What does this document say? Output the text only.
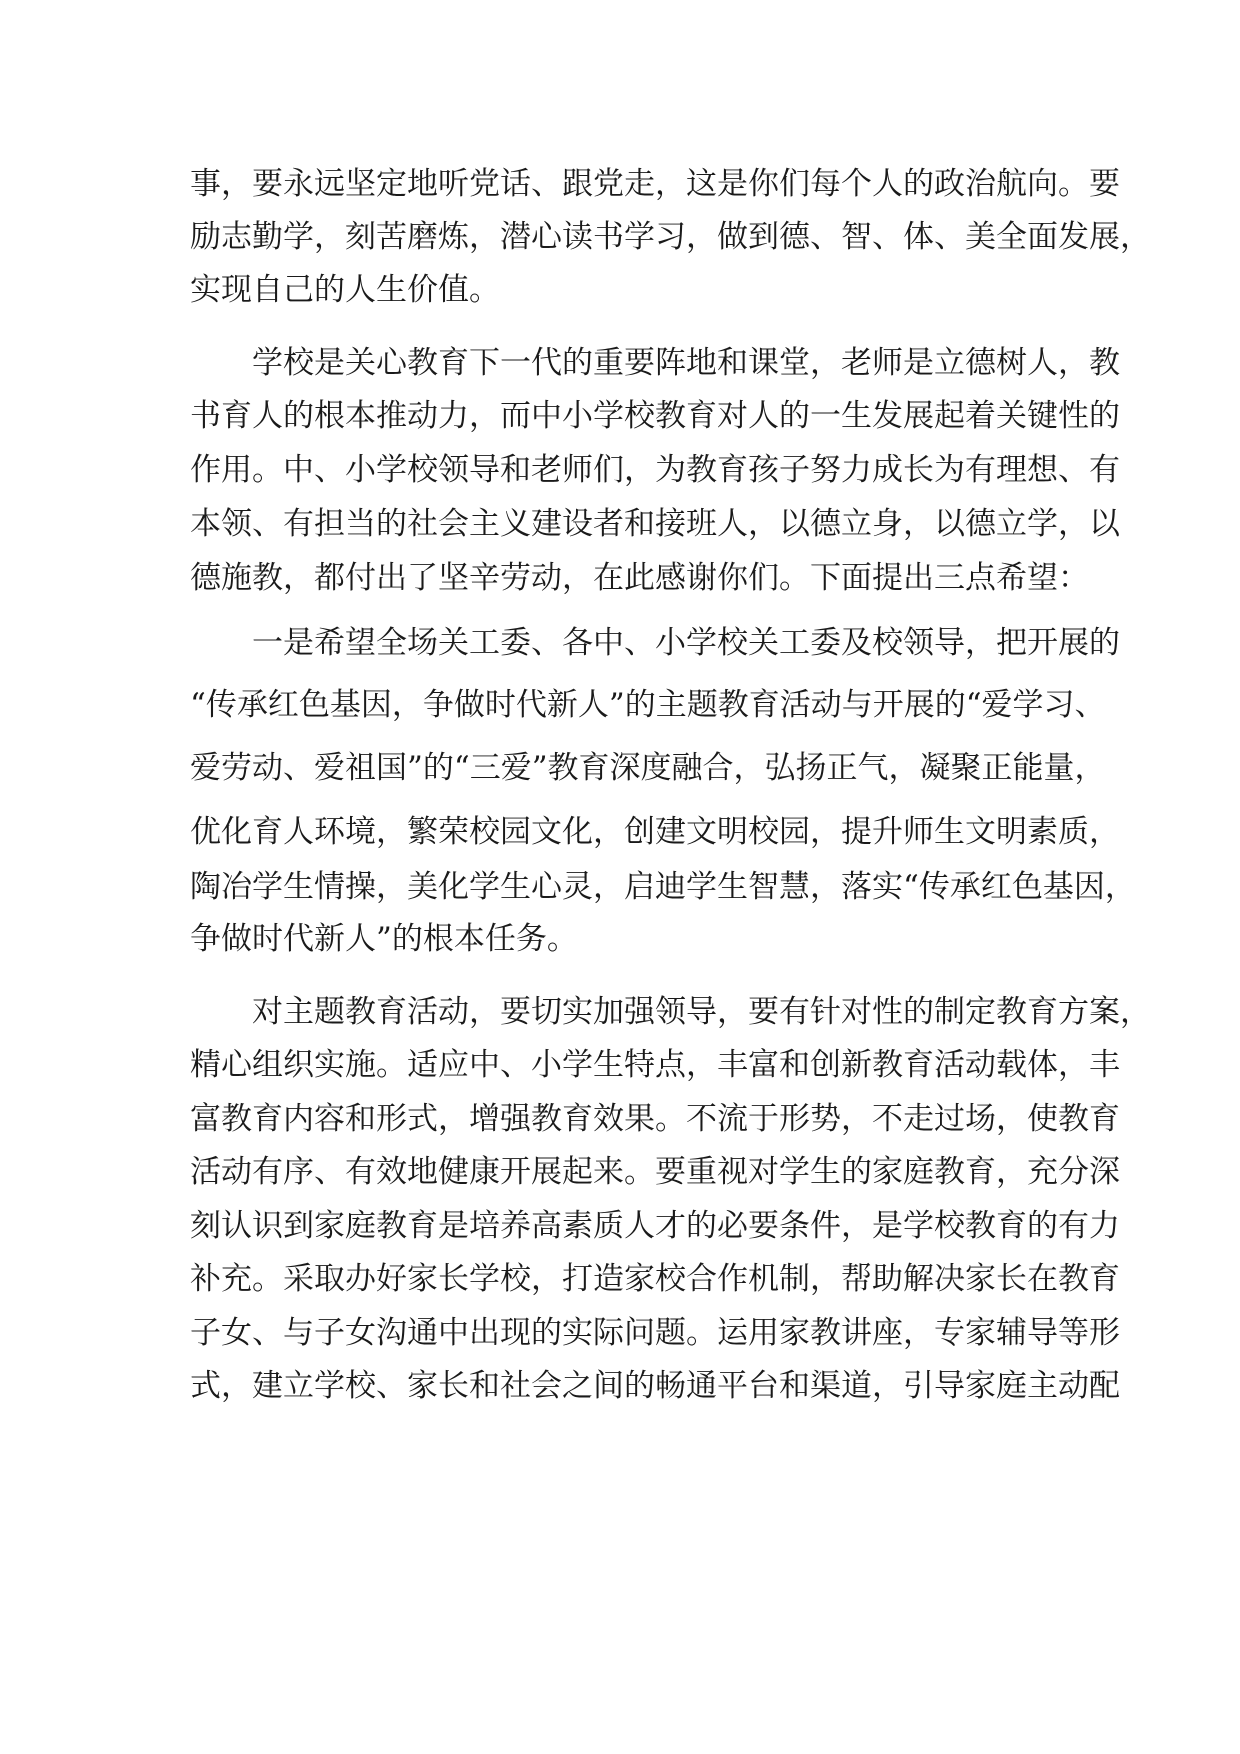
事，要永远坚定地听党话、跟党走，这是你们每个人的政治航向。要
励志勤学，刻苦磨炼，潜心读书学习，做到德、智、体、美全面发展，
实现自己的人生价值。
学校是关心教育下一代的重要阵地和课堂，老师是立德树人，教
书育人的根本推动力，而中小学校教育对人的一生发展起着关键性的
作用。中、小学校领导和老师们，为教育孩子努力成长为有理想、有
本领、有担当的社会主义建设者和接班人，以德立身，以德立学，以
德施教，都付出了坚辛劳动，在此感谢你们。下面提出三点希望：
一是希望全场关工委、各中、小学校关工委及校领导，把开展的
“传承红色基因，争做时代新人”的主题教育活动与开展的“爱学习、
爱劳动、爱祖国”的“三爱”教育深度融合，弘扬正气，凝聚正能量，
优化育人环境，繁荣校园文化，创建文明校园，提升师生文明素质，
陶冶学生情操，美化学生心灵，启迪学生智慧，落实“传承红色基因，
争做时代新人”的根本任务。
对主题教育活动，要切实加强领导，要有针对性的制定教育方案，
精心组织实施。适应中、小学生特点，丰富和创新教育活动载体，丰
富教育内容和形式，增强教育效果。不流于形势，不走过场，使教育
活动有序、有效地健康开展起来。要重视对学生的家庭教育，充分深
刻认识到家庭教育是培养高素质人才的必要条件，是学校教育的有力
补充。采取办好家长学校，打造家校合作机制，帮助解决家长在教育
子女、与子女沟通中出现的实际问题。运用家教讲座，专家辅导等形
式，建立学校、家长和社会之间的畅通平台和渠道，引导家庭主动配
